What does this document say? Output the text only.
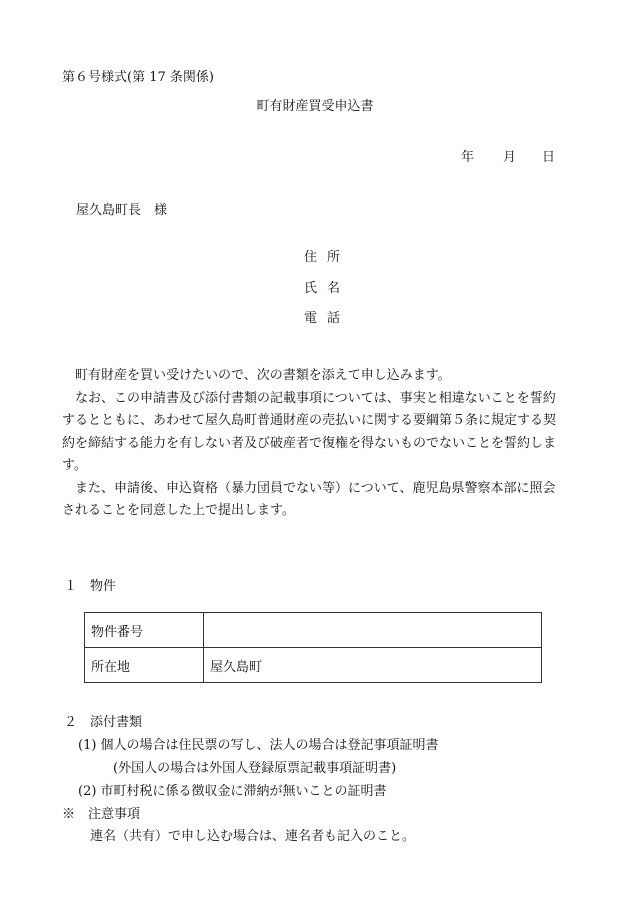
第６号様式(第 17 条関係)
町有財産買受申込書
年 月 日
屋久島町長　様
住所
氏名
電話

町有財産を買い受けたいので、次の書類を添えて申し込みます。

なお、この申請書及び添付書類の記載事項については、事実と相違ないことを誓約するとともに、あわせて屋久島町普通財産の売払いに関する要綱第５条に規定する契約を締結する能力を有しない者及び破産者で復権を得ないものでないことを誓約します。

また、申請後、申込資格（暴力団員でない等）について、鹿児島県警察本部に照会されることを同意した上で提出します。

１　物件
物件番号	
所在地	屋久島町
２　添付書類
(1) 個人の場合は住民票の写し、法人の場合は登記事項証明書
(外国人の場合は外国人登録原票記載事項証明書)
(2) 市町村税に係る徴収金に滞納が無いことの証明書
※　注意事項
連名（共有）で申し込む場合は、連名者も記入のこと。
